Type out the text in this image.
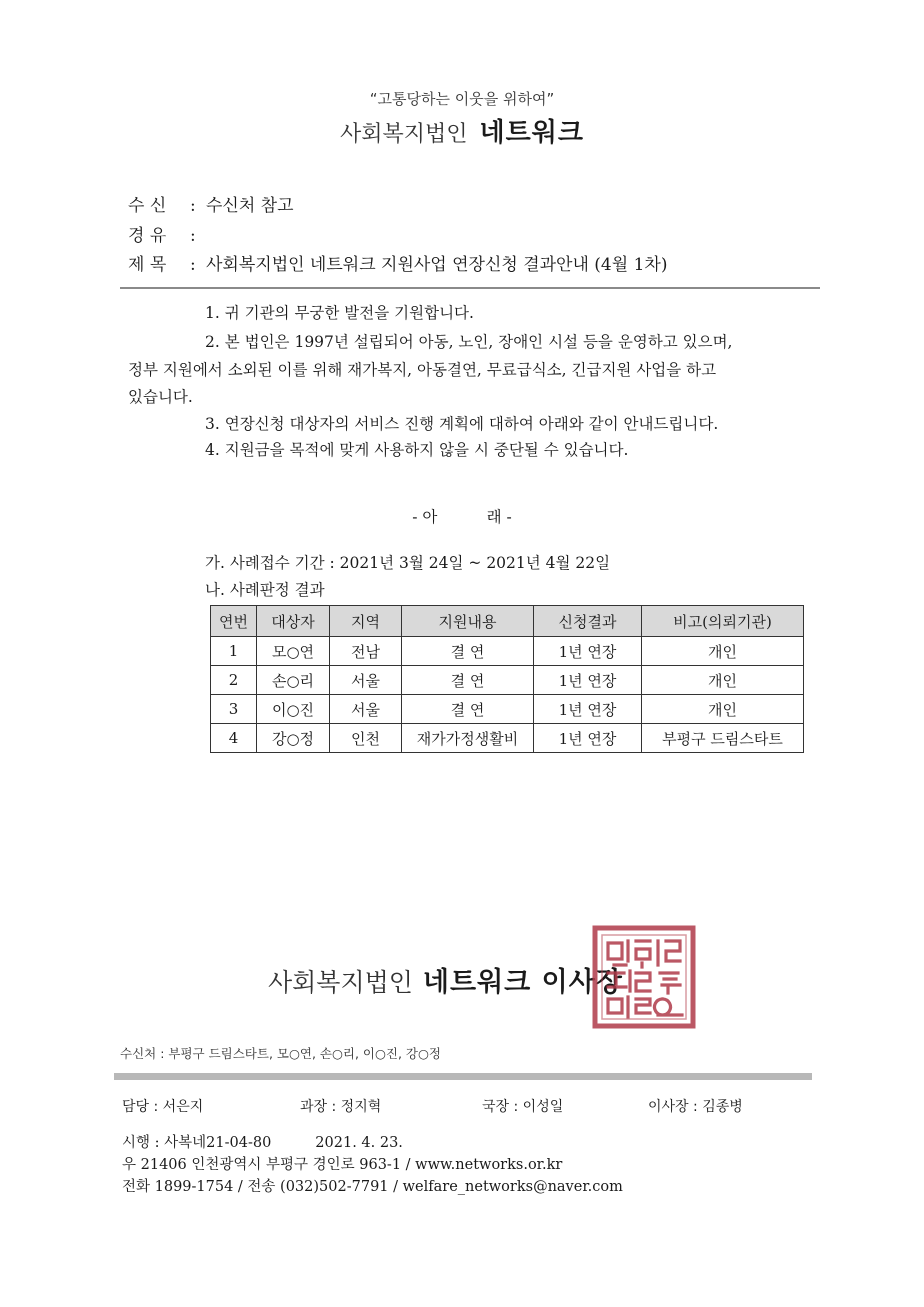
“고통당하는 이웃을 위하여”
사회복지법인 네트워크
수 신 : 수신처 참고
경 유 :
제 목 : 사회복지법인 네트워크 지원사업 연장신청 결과안내 (4월 1차)
1. 귀 기관의 무궁한 발전을 기원합니다.
2. 본 법인은 1997년 설립되어 아동, 노인, 장애인 시설 등을 운영하고 있으며,
정부 지원에서 소외된 이를 위해 재가복지, 아동결연, 무료급식소, 긴급지원 사업을 하고
있습니다.
3. 연장신청 대상자의 서비스 진행 계획에 대하여 아래와 같이 안내드립니다.
4. 지원금을 목적에 맞게 사용하지 않을 시 중단될 수 있습니다.
- 아          래 -
가. 사례접수 기간 : 2021년 3월 24일 ~ 2021년 4월 22일
나. 사례판정 결과
연번	대상자	지역	지원내용	신청결과	비고(의뢰기관)
1	모○연	전남	결 연	1년 연장	개인
2	손○리	서울	결 연	1년 연장	개인
3	이○진	서울	결 연	1년 연장	개인
4	강○정	인천	재가가정생활비	1년 연장	부평구 드림스타트
사회복지법인 네트워크 이사장
수신처 : 부평구 드림스타트, 모○연, 손○리, 이○진, 강○정
담당 : 서은지	과장 : 정지혁	국장 : 이성일	이사장 : 김종병
시행 : 사복네21-04-80	2021. 4. 23.
우 21406 인천광역시 부평구 경인로 963-1 / www.networks.or.kr
전화 1899-1754 / 전송 (032)502-7791 / welfare_networks@naver.com
